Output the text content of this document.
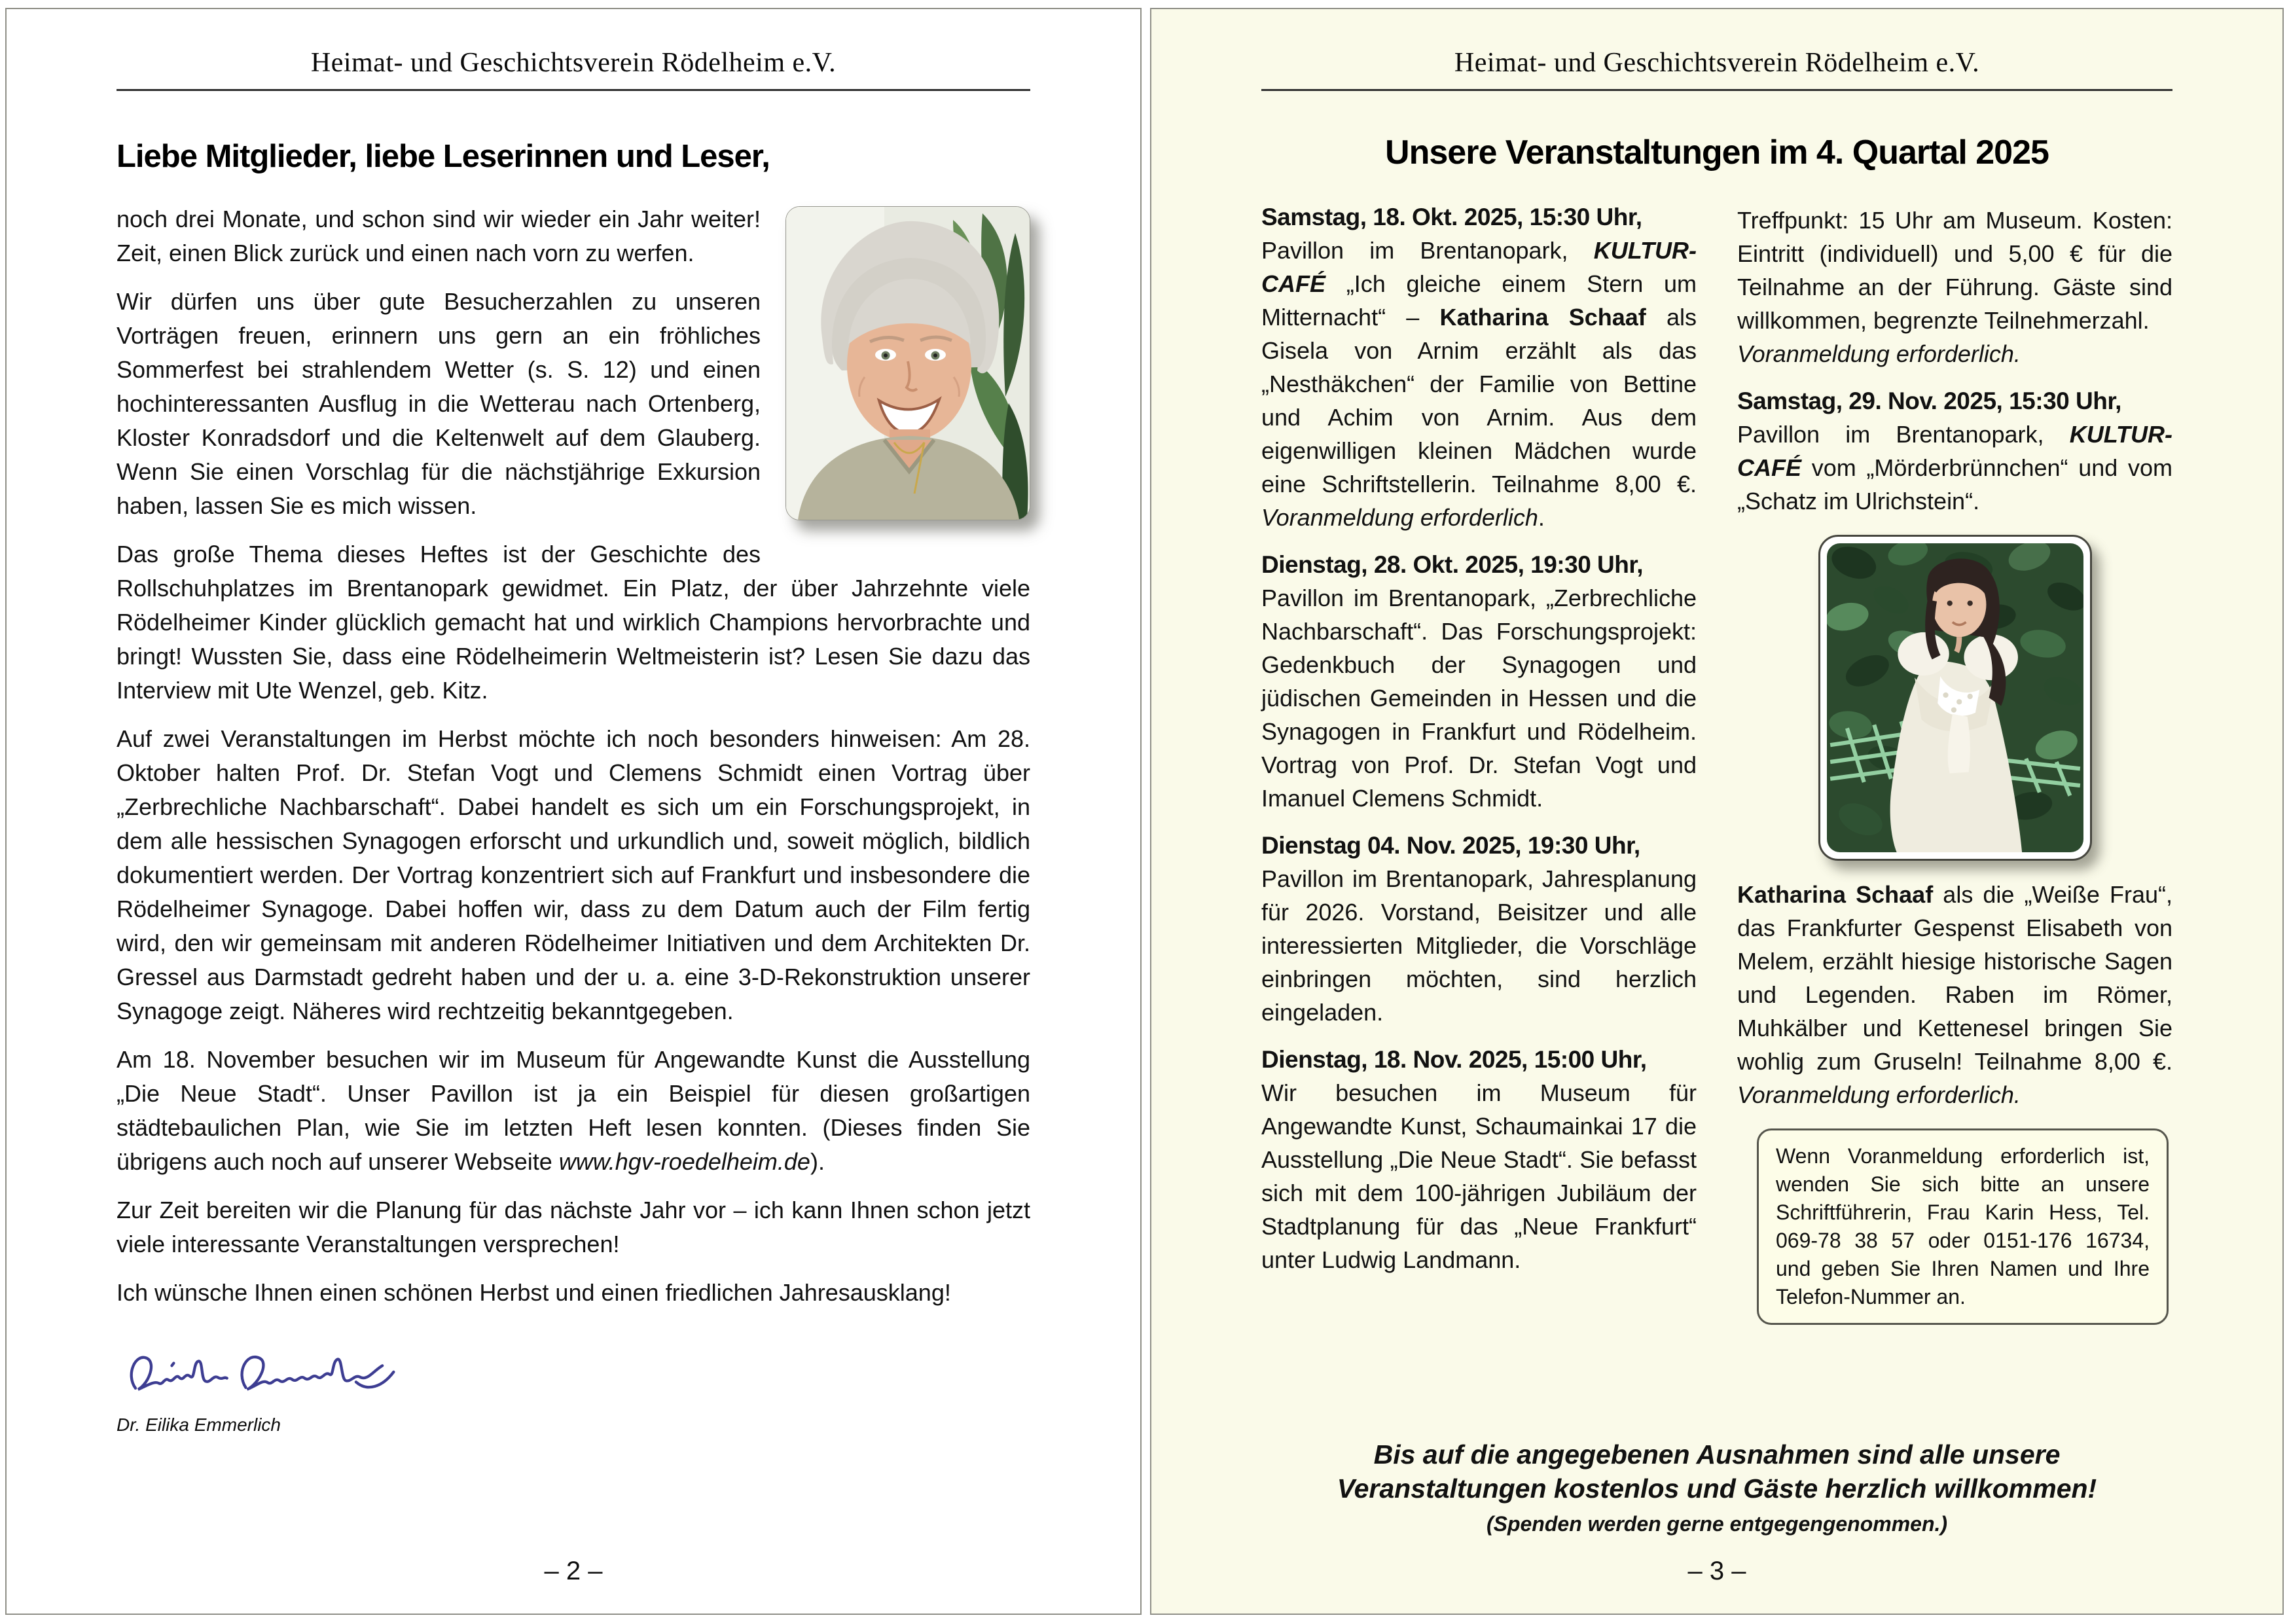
Heimat- und Geschichtsverein Rödelheim e.V.
Liebe Mitglieder, liebe Leserinnen und Leser,

noch drei Monate, und schon sind wir wieder ein Jahr weiter! Zeit, einen Blick zurück und einen nach vorn zu werfen.

Wir dürfen uns über gute Besucherzahlen zu unseren Vorträgen freuen, erinnern uns gern an ein fröhliches Sommerfest bei strahlendem Wetter (s. S. 12) und einen hochinteressanten Ausflug in die Wetterau nach Ortenberg, Kloster Konradsdorf und die Keltenwelt auf dem Glauberg. Wenn Sie einen Vorschlag für die nächstjährige Exkursion haben, lassen Sie es mich wissen.

Das große Thema dieses Heftes ist der Geschichte des Rollschuhplatzes im Brentanopark gewidmet. Ein Platz, der über Jahrzehnte viele Rödelheimer Kinder glücklich gemacht hat und wirklich Champions hervorbrachte und bringt! Wussten Sie, dass eine Rödelheimerin Weltmeisterin ist? Lesen Sie dazu das Interview mit Ute Wenzel, geb. Kitz.

Auf zwei Veranstaltungen im Herbst möchte ich noch besonders hinweisen: Am 28. Oktober halten Prof. Dr. Stefan Vogt und Clemens Schmidt einen Vortrag über „Zerbrechliche Nachbarschaft“. Dabei handelt es sich um ein Forschungsprojekt, in dem alle hessischen Synagogen erforscht und urkundlich und, soweit möglich, bildlich dokumentiert werden. Der Vortrag konzentriert sich auf Frankfurt und insbesondere die Rödelheimer Synagoge. Dabei hoffen wir, dass zu dem Datum auch der Film fertig wird, den wir gemeinsam mit anderen Rödelheimer Initiativen und dem Architekten Dr. Gressel aus Darmstadt gedreht haben und der u. a. eine 3-D-Rekonstruktion unserer Synagoge zeigt. Näheres wird rechtzeitig bekanntgegeben.

Am 18. November besuchen wir im Museum für Angewandte Kunst die Ausstellung „Die Neue Stadt“. Unser Pavillon ist ja ein Beispiel für diesen großartigen städtebaulichen Plan, wie Sie im letzten Heft lesen konnten. (Dieses finden Sie übrigens auch noch auf unserer Webseite www.hgv-roedelheim.de).

Zur Zeit bereiten wir die Planung für das nächste Jahr vor – ich kann Ihnen schon jetzt viele interessante Veranstaltungen versprechen!

Ich wünsche Ihnen einen schönen Herbst und einen friedlichen Jahresausklang!

Dr. Eilika Emmerlich
– 2 –
Heimat- und Geschichtsverein Rödelheim e.V.
Unsere Veranstaltungen im 4. Quartal 2025
Samstag, 18. Okt. 2025, 15:30 Uhr,

Pavillon im Brentanopark, KULTUR-CAFÉ „Ich gleiche einem Stern um Mitternacht“ – Katharina Schaaf als Gisela von Arnim erzählt als das „Nesthäkchen“ der Familie von Bettine und Achim von Arnim. Aus dem eigenwilligen kleinen Mädchen wurde eine Schriftstellerin. Teilnahme 8,00 €. Voranmeldung erforderlich.

Dienstag, 28. Okt. 2025, 19:30 Uhr,

Pavillon im Brentanopark, „Zerbrechliche Nachbarschaft“. Das Forschungsprojekt: Gedenkbuch der Synagogen und jüdischen Gemeinden in Hessen und die Synagogen in Frankfurt und Rödelheim. Vortrag von Prof. Dr. Stefan Vogt und Imanuel Clemens Schmidt.

Dienstag 04. Nov. 2025, 19:30 Uhr,

Pavillon im Brentanopark, Jahresplanung für 2026. Vorstand, Beisitzer und alle interessierten Mitglieder, die Vorschläge einbringen möchten, sind herzlich eingeladen.

Dienstag, 18. Nov. 2025, 15:00 Uhr,

Wir besuchen im Museum für Angewandte Kunst, Schaumainkai 17 die Ausstellung „Die Neue Stadt“. Sie befasst sich mit dem 100-jährigen Jubiläum der Stadtplanung für das „Neue Frankfurt“ unter Ludwig Landmann.

Treffpunkt: 15 Uhr am Museum. Kosten: Eintritt (individuell) und 5,00 € für die Teilnahme an der Führung. Gäste sind willkommen, begrenzte Teilnehmerzahl.
Voranmeldung erforderlich.

Samstag, 29. Nov. 2025, 15:30 Uhr,

Pavillon im Brentanopark, KULTUR-CAFÉ vom „Mörderbrünnchen“ und vom „Schatz im Ulrichstein“.

Katharina Schaaf als die „Weiße Frau“, das Frankfurter Gespenst Elisabeth von Melem, erzählt hiesige historische Sagen und Legenden. Raben im Römer, Muhkälber und Kettenesel bringen Sie wohlig zum Gruseln! Teilnahme 8,00 €. Voranmeldung erforderlich.

Wenn Voranmeldung erforderlich ist, wenden Sie sich bitte an unsere Schriftführerin, Frau Karin Hess, Tel. 069-78 38 57 oder 0151-176 16734, und geben Sie Ihren Namen und Ihre Telefon-Nummer an.

Bis auf die angegebenen Ausnahmen sind alle unsere Veranstaltungen kostenlos und Gäste herzlich willkommen!
(Spenden werden gerne entgegengenommen.)
– 3 –
